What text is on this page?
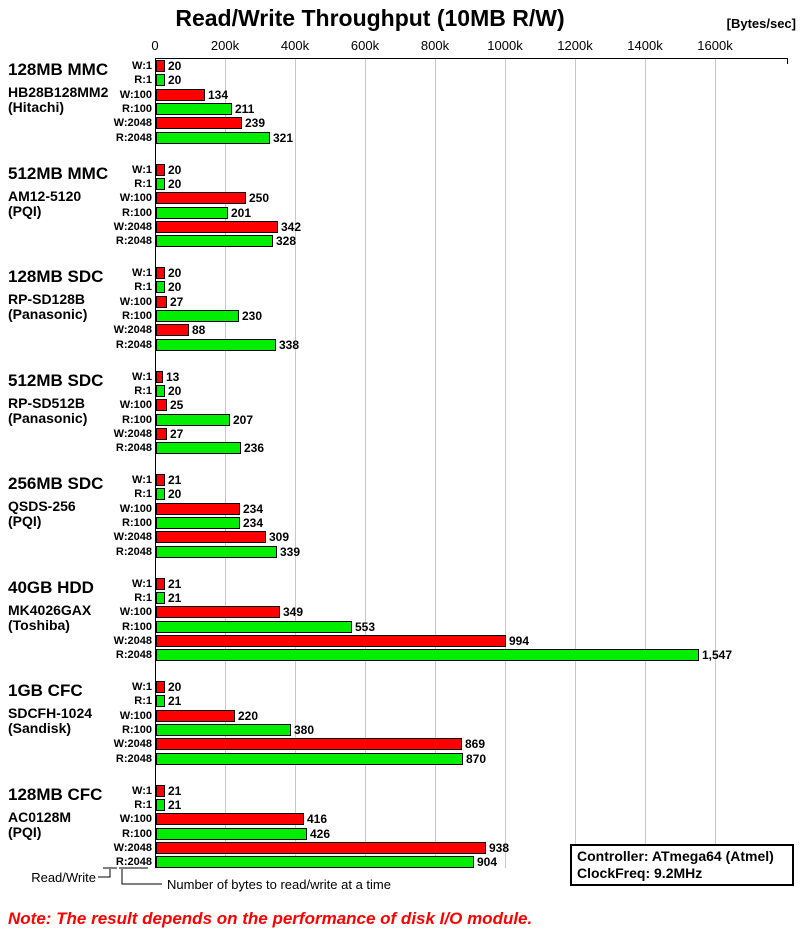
Read/Write Throughput (10MB R/W)	[Bytes/sec]
0	200k	400k	600k	800k	1000k	1200k	1400k	1600k
128MB MMC
HB28B128MM2
(Hitachi)
W:1 20
R:1 20
W:100	134
R:100	211
W:2048	239
R:2048	321
512MB MMC
AM12-5120
(PQI)
W:1 20
R:1 20
W:100	250
R:100	201
W:2048	342
R:2048	328
128MB SDC
RP-SD128B
(Panasonic)
W:1 20
R:1 20
W:100 27
R:100	230
W:2048	88
R:2048	338
512MB SDC
RP-SD512B
(Panasonic)
W:1 13
R:1 20
W:100 25
R:100	207
W:2048 27
R:2048	236
256MB SDC
QSDS-256
(PQI)
W:1 21
R:1 20
W:100	234
R:100	234
W:2048	309
R:2048	339
40GB HDD
MK4026GAX
(Toshiba)
W:1 21
R:1 21
W:100	349
R:100	553
W:2048	994
R:2048	1,547
1GB CFC
SDCFH-1024
(Sandisk)
W:1 20
R:1 21
W:100	220
R:100	380
W:2048	869
R:2048	870
128MB CFC
AC0128M
(PQI)
W:1 21
R:1 21
W:100	416
R:100	426
W:2048	938
R:2048	904
Read/Write	Number of bytes to read/write at a time
Controller: ATmega64 (Atmel)
ClockFreq: 9.2MHz
Note: The result depends on the performance of disk I/O module.
